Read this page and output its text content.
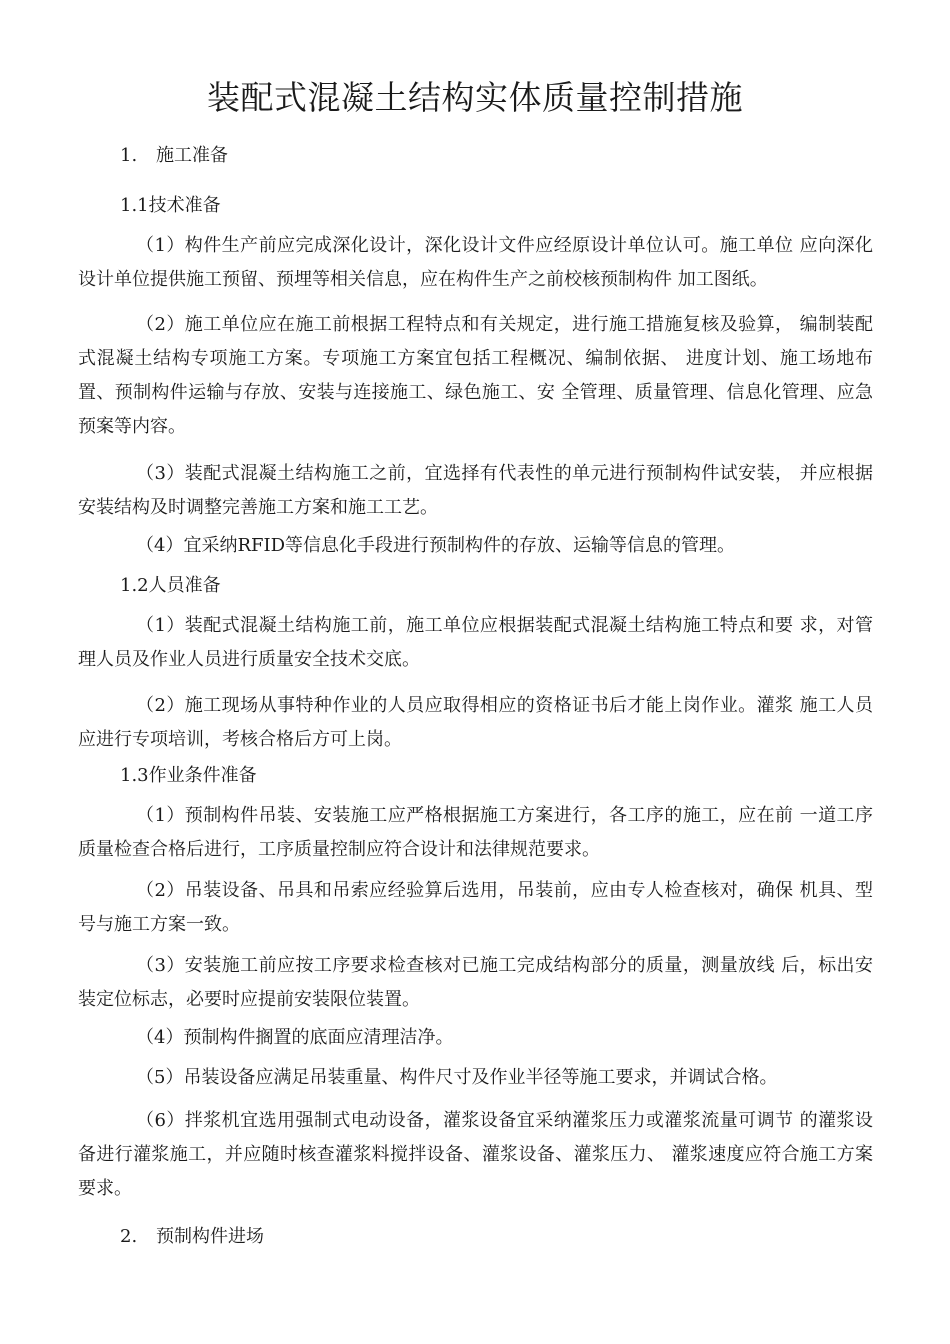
装配式混凝土结构实体质量控制措施
1. 施工准备
1.1技术准备
（1）构件生产前应完成深化设计，深化设计文件应经原设计单位认可。施工单位 应向深化设计单位提供施工预留、预埋等相关信息，应在构件生产之前校核预制构件 加工图纸。
（2）施工单位应在施工前根据工程特点和有关规定，进行施工措施复核及验算， 编制装配式混凝土结构专项施工方案。专项施工方案宜包括工程概况、编制依据、 进度计划、施工场地布置、预制构件运输与存放、安装与连接施工、绿色施工、安 全管理、质量管理、信息化管理、应急预案等内容。
（3）装配式混凝土结构施工之前，宜选择有代表性的单元进行预制构件试安装， 并应根据安装结构及时调整完善施工方案和施工工艺。
（4）宜采纳RFID等信息化手段进行预制构件的存放、运输等信息的管理。
1.2人员准备
（1）装配式混凝土结构施工前，施工单位应根据装配式混凝土结构施工特点和要 求，对管理人员及作业人员进行质量安全技术交底。
（2）施工现场从事特种作业的人员应取得相应的资格证书后才能上岗作业。灌浆 施工人员应进行专项培训，考核合格后方可上岗。
1.3作业条件准备
（1）预制构件吊装、安装施工应严格根据施工方案进行，各工序的施工，应在前 一道工序质量检查合格后进行，工序质量控制应符合设计和法律规范要求。
（2）吊装设备、吊具和吊索应经验算后选用，吊装前，应由专人检查核对，确保 机具、型号与施工方案一致。
（3）安装施工前应按工序要求检查核对已施工完成结构部分的质量，测量放线 后，标出安装定位标志，必要时应提前安装限位装置。
（4）预制构件搁置的底面应清理洁净。
（5）吊装设备应满足吊装重量、构件尺寸及作业半径等施工要求，并调试合格。
（6）拌浆机宜选用强制式电动设备，灌浆设备宜采纳灌浆压力或灌浆流量可调节 的灌浆设备进行灌浆施工，并应随时核查灌浆料搅拌设备、灌浆设备、灌浆压力、 灌浆速度应符合施工方案要求。
2. 预制构件进场
